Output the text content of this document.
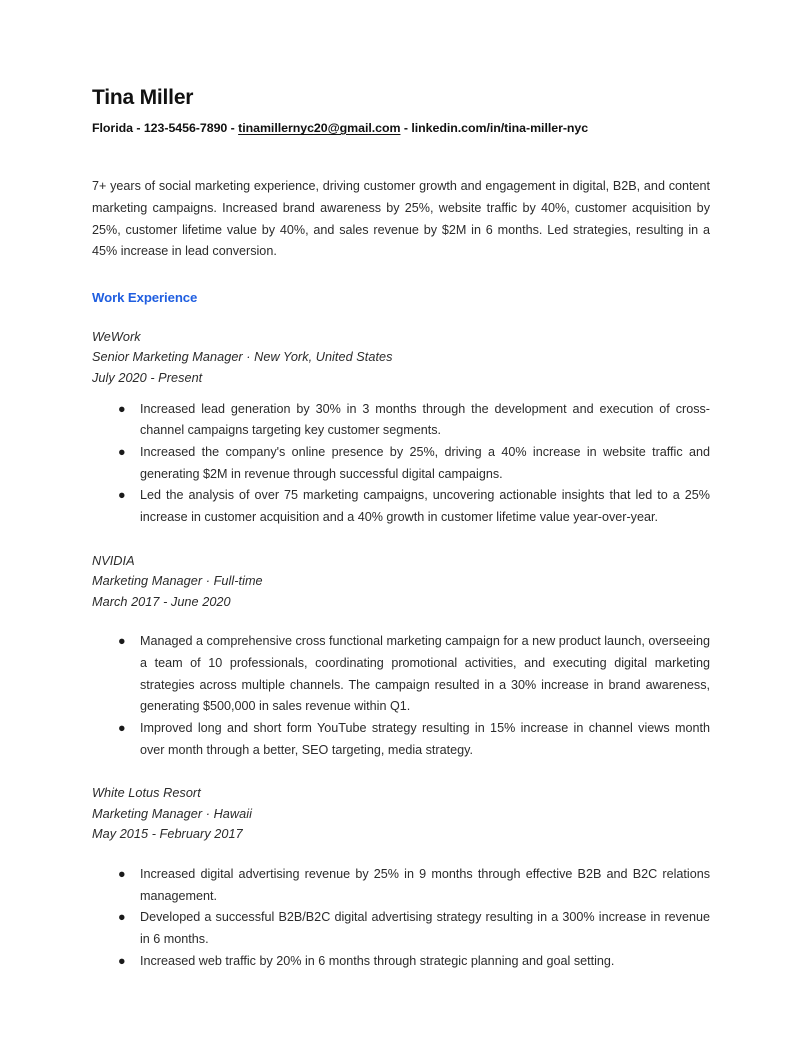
Tina Miller
Florida - 123-5456-7890 - tinamillernyc20@gmail.com - linkedin.com/in/tina-miller-nyc

7+ years of social marketing experience, driving customer growth and engagement in digital, B2B, and content marketing campaigns. Increased brand awareness by 25%, website traffic by 40%, customer acquisition by 25%, customer lifetime value by 40%, and sales revenue by $2M in 6 months. Led strategies, resulting in a 45% increase in lead conversion.

Work Experience
WeWork
Senior Marketing Manager · New York, United States
July 2020 - Present
● Increased lead generation by 30% in 3 months through the development and execution of cross-channel campaigns targeting key customer segments.
● Increased the company's online presence by 25%, driving a 40% increase in website traffic and generating $2M in revenue through successful digital campaigns.
● Led the analysis of over 75 marketing campaigns, uncovering actionable insights that led to a 25% increase in customer acquisition and a 40% growth in customer lifetime value year-over-year.
NVIDIA
Marketing Manager · Full-time
March 2017 - June 2020
● Managed a comprehensive cross functional marketing campaign for a new product launch, overseeing a team of 10 professionals, coordinating promotional activities, and executing digital marketing strategies across multiple channels. The campaign resulted in a 30% increase in brand awareness, generating $500,000 in sales revenue within Q1.
● Improved long and short form YouTube strategy resulting in 15% increase in channel views month over month through a better, SEO targeting, media strategy.
White Lotus Resort
Marketing Manager · Hawaii
May 2015 - February 2017
● Increased digital advertising revenue by 25% in 9 months through effective B2B and B2C relations management.
● Developed a successful B2B/B2C digital advertising strategy resulting in a 300% increase in revenue in 6 months.
● Increased web traffic by 20% in 6 months through strategic planning and goal setting.
